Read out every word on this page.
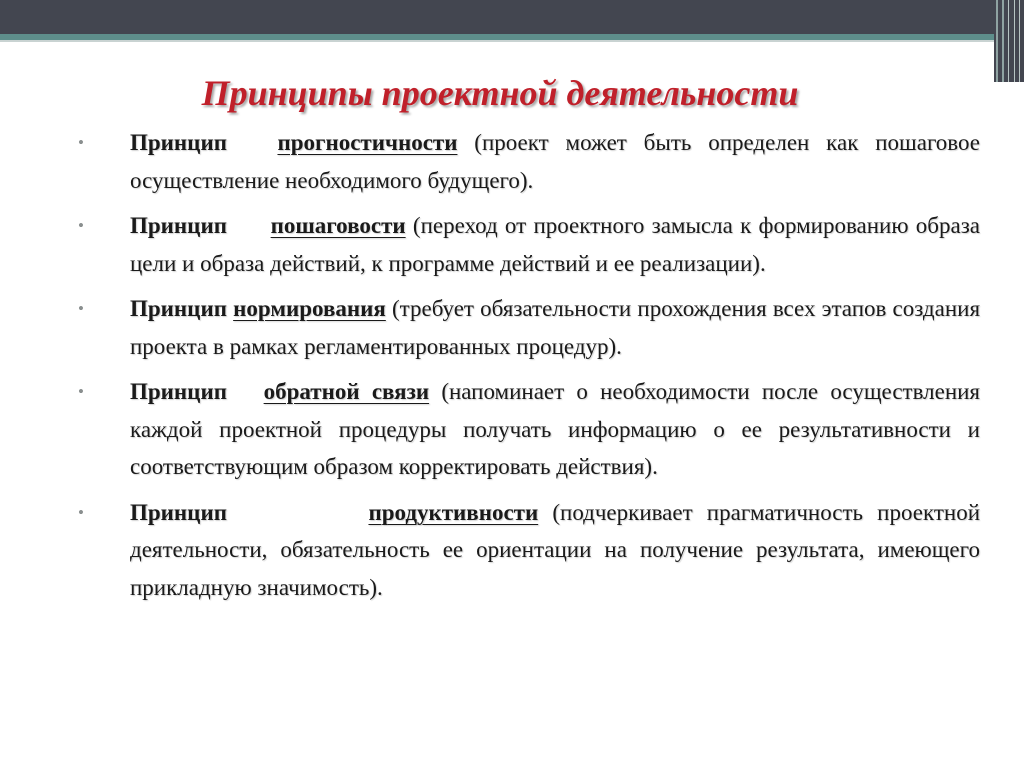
Принципы проектной деятельности
•	Принцип прогностичности (проект может быть определен как пошаговое осуществление необходимого будущего).
•	Принцип пошаговости (переход от проектного замысла к формированию образа цели и образа действий, к программе действий и ее реализации).
•	Принцип нормирования (требует обязательности прохождения всех этапов создания проекта в рамках регламентированных процедур).
•	Принцип обратной связи (напоминает о необходимости после осуществления каждой проектной процедуры получать информацию о ее результативности и соответствующим образом корректировать действия).
•	Принцип	продуктивности (подчеркивает прагматичность проектной деятельности, обязательность ее ориентации на получение результата, имеющего прикладную значимость).
